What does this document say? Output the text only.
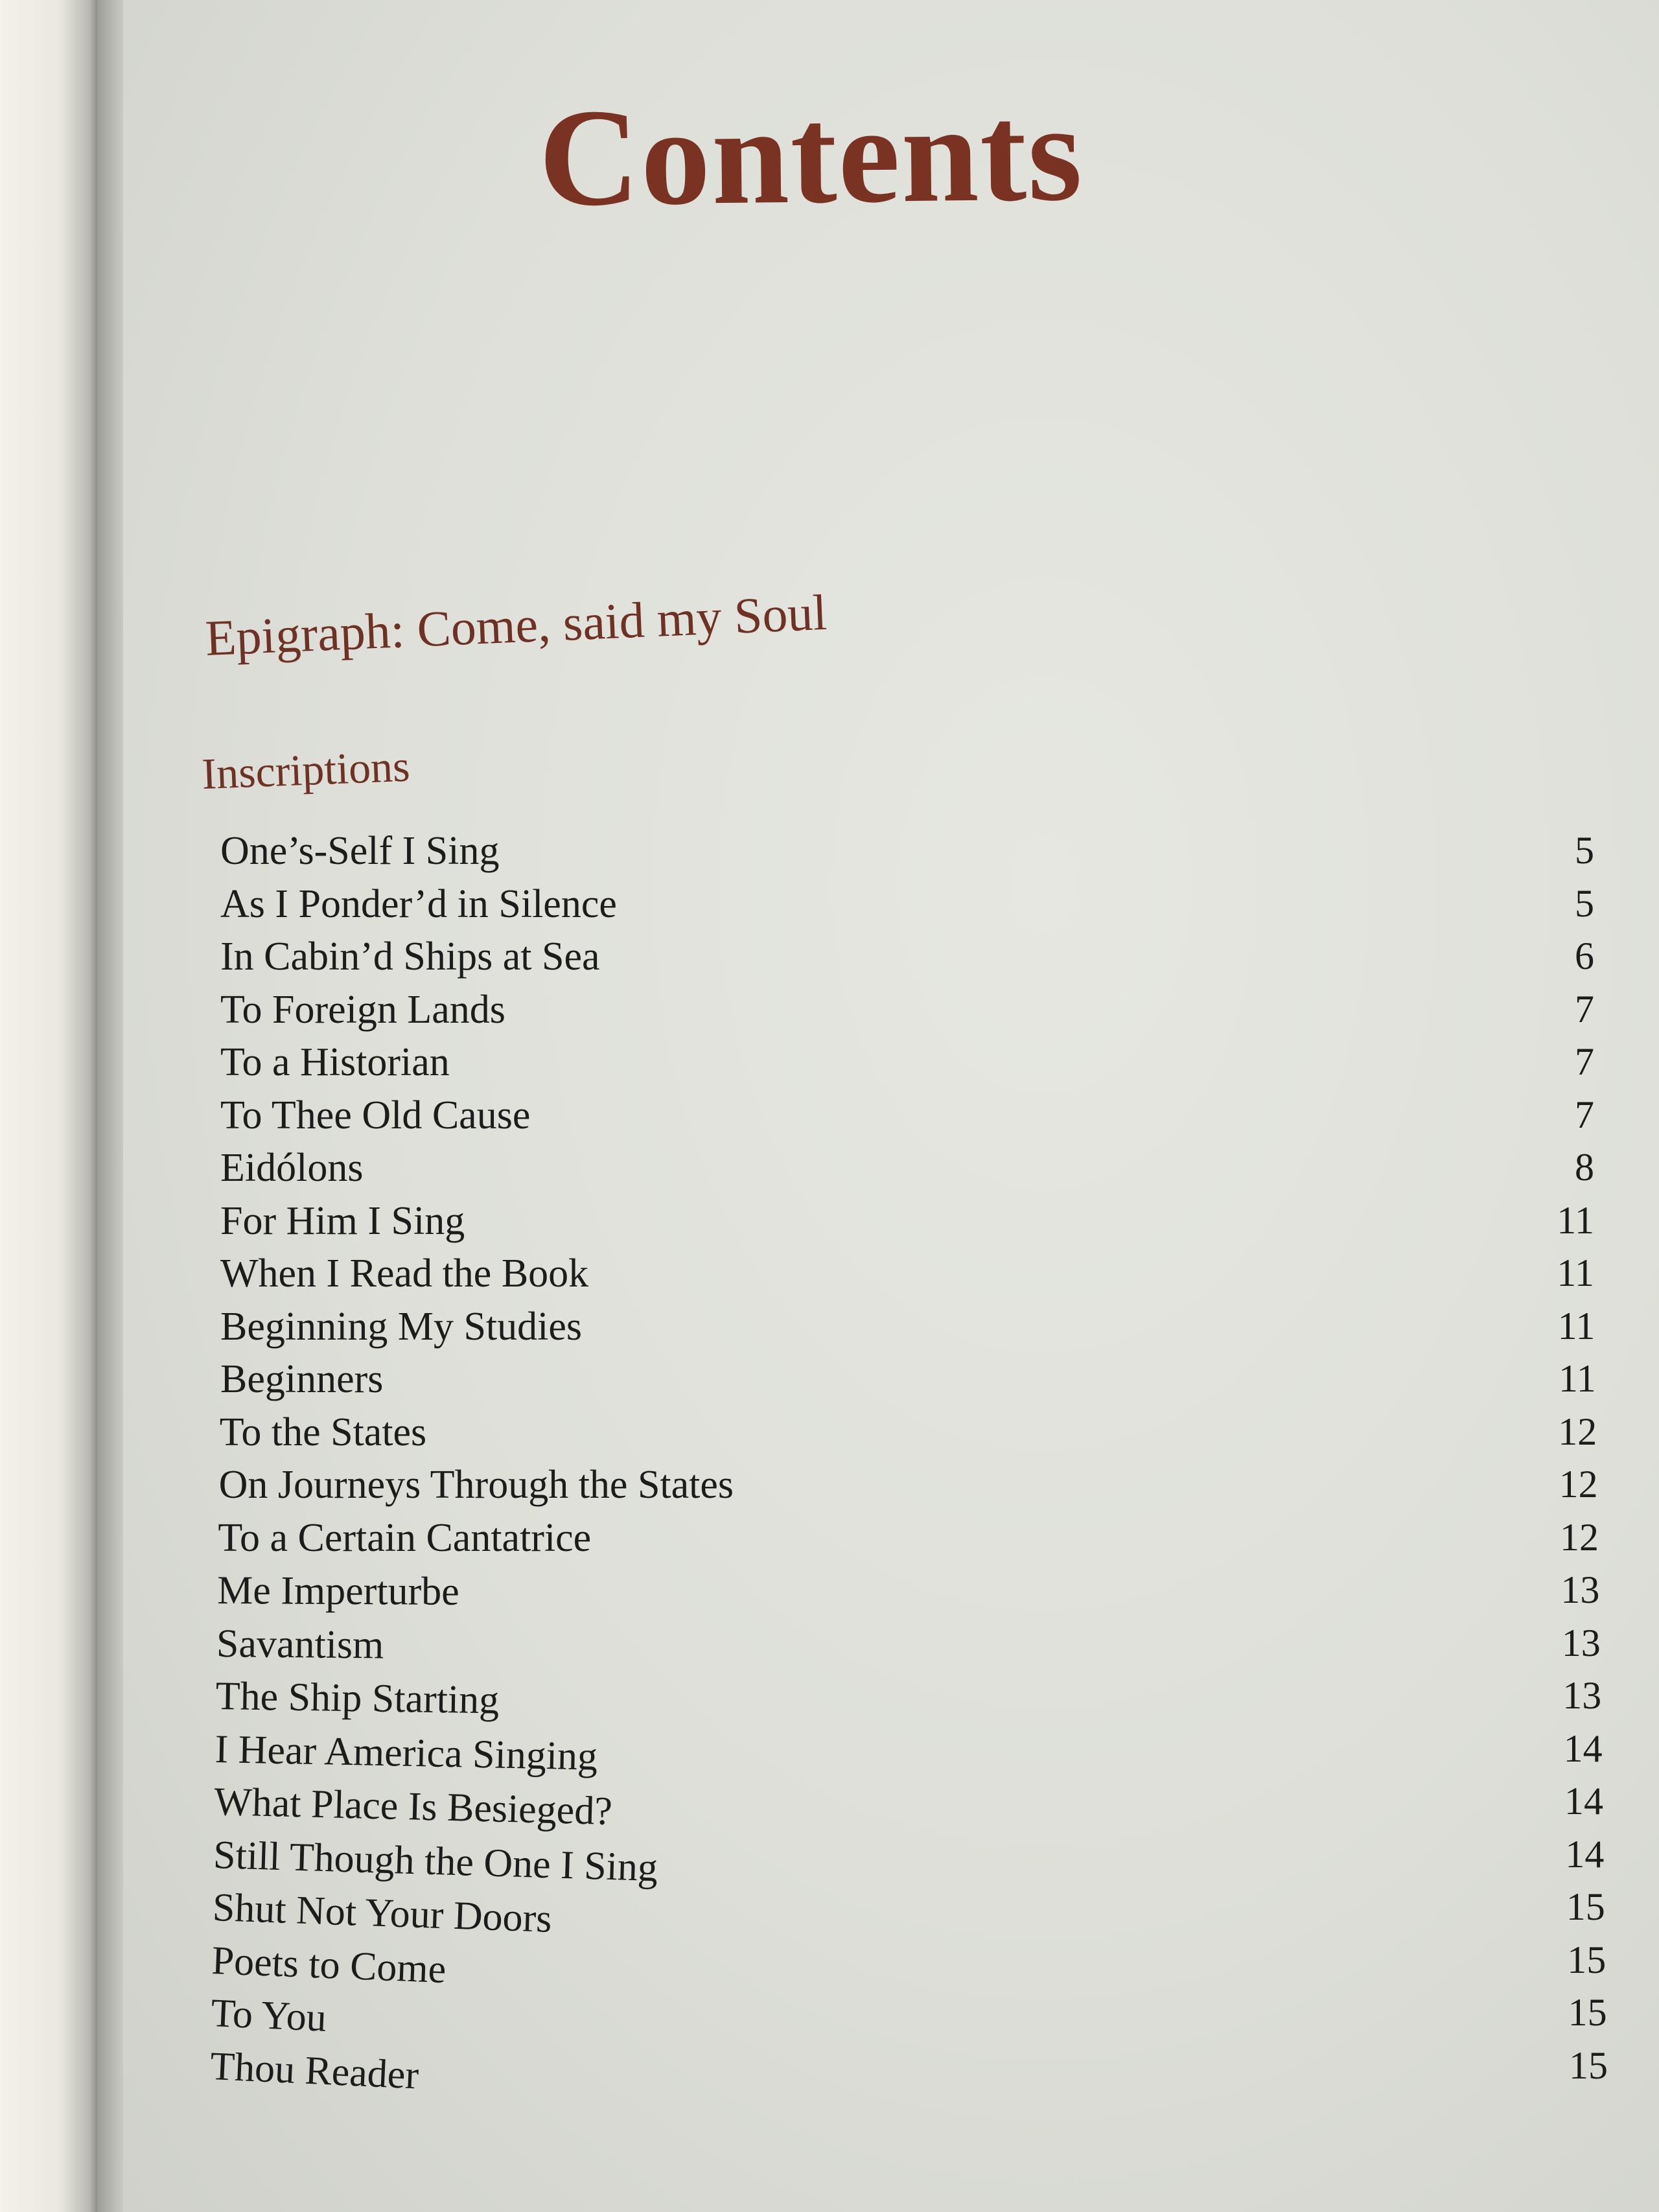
Contents
Epigraph: Come, said my Soul
Inscriptions
One’s-Self I Sing	5
As I Ponder’d in Silence	5
In Cabin’d Ships at Sea	6
To Foreign Lands	7
To a Historian	7
To Thee Old Cause	7
Eidólons	8
For Him I Sing	11
When I Read the Book	11
Beginning My Studies	11
Beginners	11
To the States	12
On Journeys Through the States	12
To a Certain Cantatrice	12
Me Imperturbe	13
Savantism	13
The Ship Starting	13
I Hear America Singing	14
What Place Is Besieged?	14
Still Though the One I Sing	14
Shut Not Your Doors	15
Poets to Come	15
To You	15
Thou Reader	15
